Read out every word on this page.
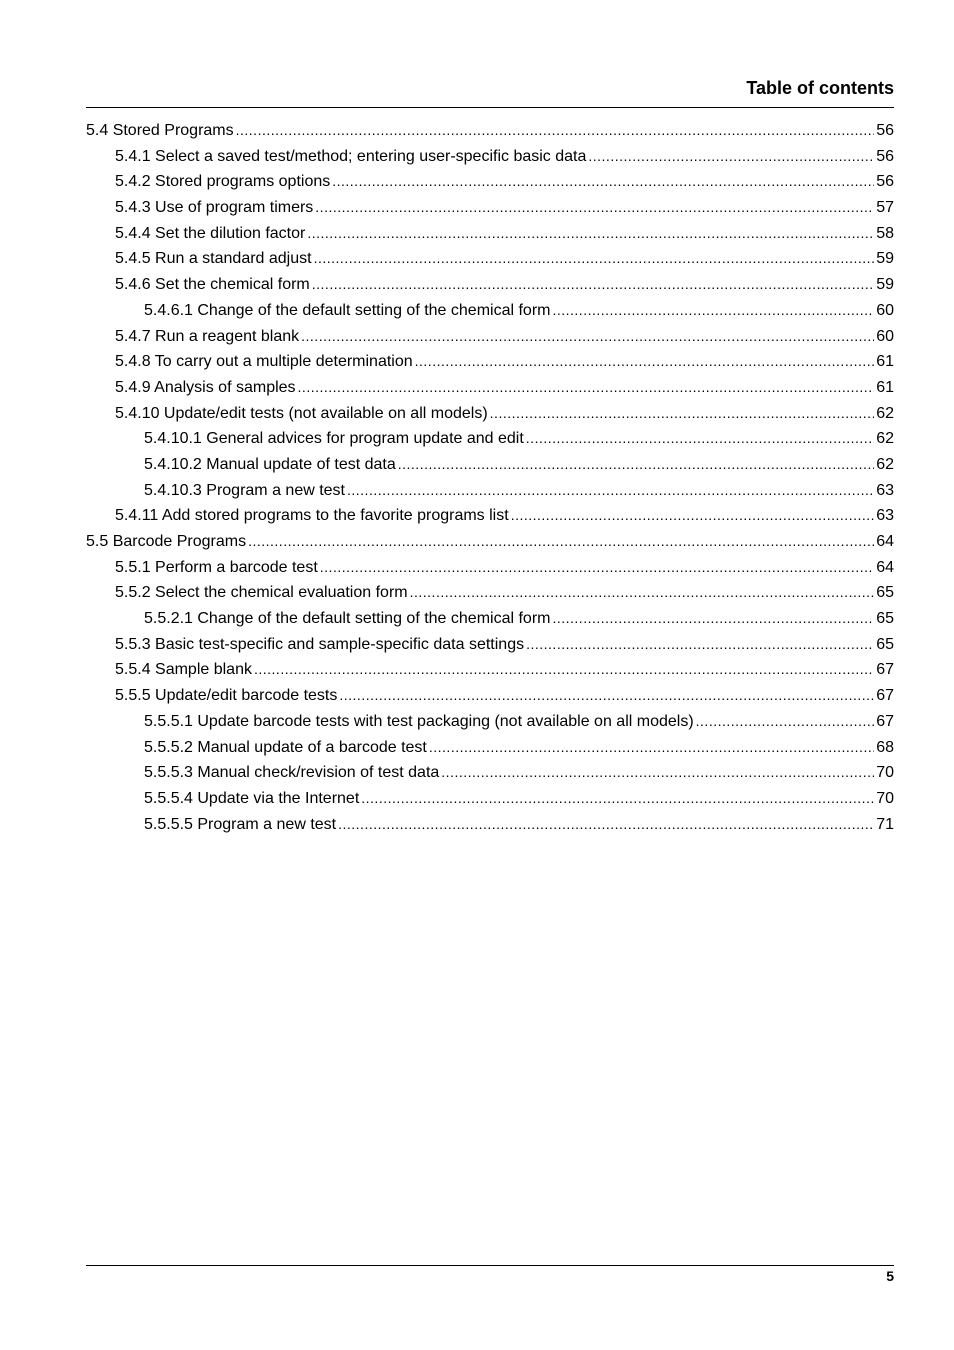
Table of contents
5.4 Stored Programs .....	56
5.4.1 Select a saved test/method; entering user-specific basic data .....	56
5.4.2 Stored programs options .....	56
5.4.3 Use of program timers .....	57
5.4.4 Set the dilution factor .....	58
5.4.5 Run a standard adjust .....	59
5.4.6 Set the chemical form .....	59
5.4.6.1 Change of the default setting of the chemical form .....	60
5.4.7 Run a reagent blank .....	60
5.4.8 To carry out a multiple determination .....	61
5.4.9 Analysis of samples .....	61
5.4.10 Update/edit tests (not available on all models) .....	62
5.4.10.1 General advices for program update and edit .....	62
5.4.10.2 Manual update of test data .....	62
5.4.10.3 Program a new test .....	63
5.4.11 Add stored programs to the favorite programs list .....	63
5.5 Barcode Programs .....	64
5.5.1 Perform a barcode test .....	64
5.5.2 Select the chemical evaluation form .....	65
5.5.2.1 Change of the default setting of the chemical form .....	65
5.5.3 Basic test-specific and sample-specific data settings .....	65
5.5.4 Sample blank .....	67
5.5.5 Update/edit barcode tests .....	67
5.5.5.1 Update barcode tests with test packaging (not available on all models) .....	67
5.5.5.2 Manual update of a barcode test .....	68
5.5.5.3 Manual check/revision of test data .....	70
5.5.5.4 Update via the Internet .....	70
5.5.5.5 Program a new test .....	71
5
